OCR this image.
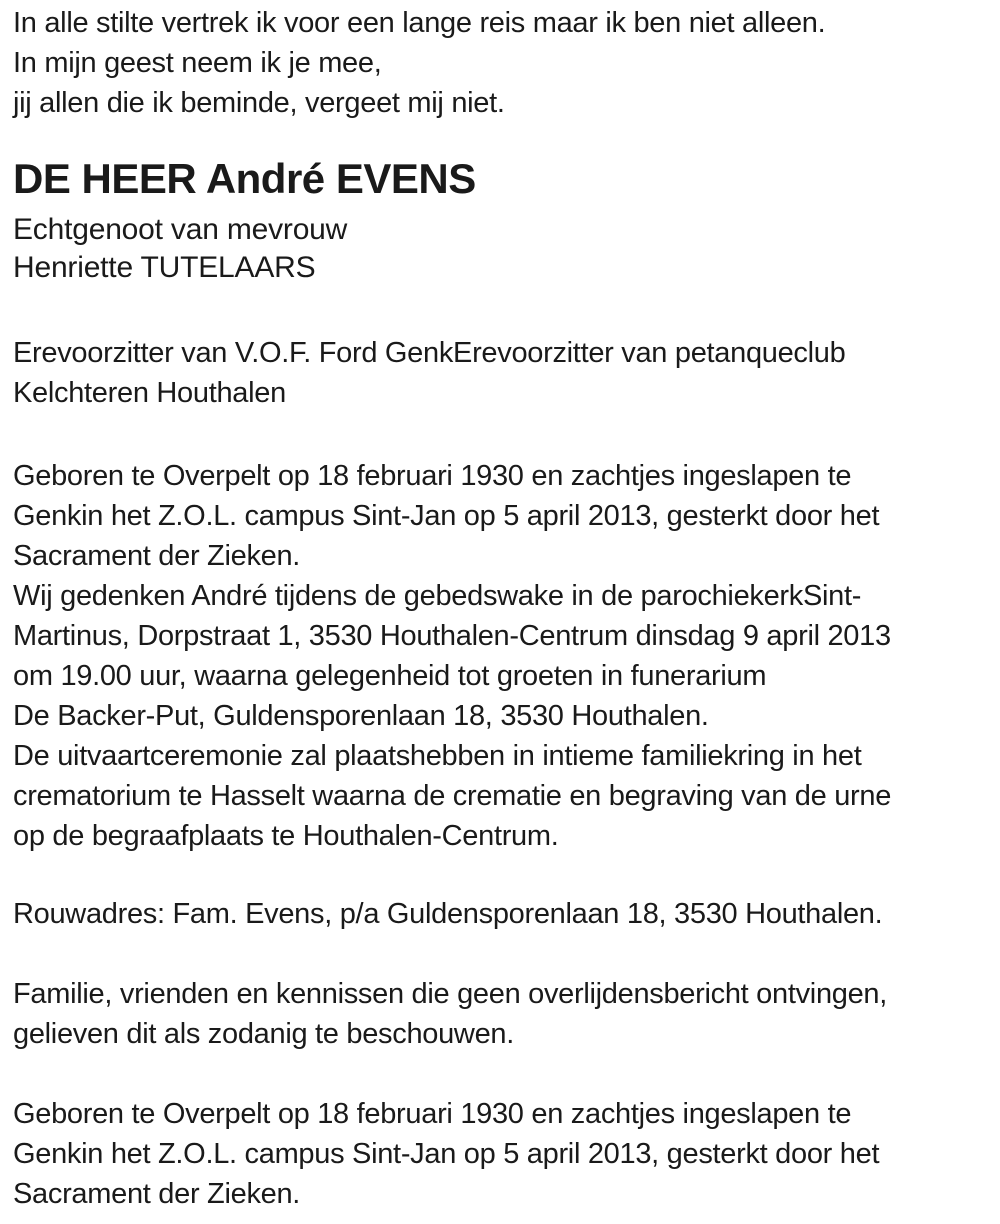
In alle stilte vertrek ik voor een lange reis maar ik ben niet alleen.
In mijn geest neem ik je mee,
jij allen die ik beminde, vergeet mij niet.
DE HEER André EVENS
Echtgenoot van mevrouw
Henriette TUTELAARS
Erevoorzitter van V.O.F. Ford GenkErevoorzitter van petanqueclub
Kelchteren Houthalen
Geboren te Overpelt op 18 februari 1930 en zachtjes ingeslapen te
Genkin het Z.O.L. campus Sint-Jan op 5 april 2013, gesterkt door het
Sacrament der Zieken.
Wij gedenken André tijdens de gebedswake in de parochiekerkSint-
Martinus, Dorpstraat 1, 3530 Houthalen-Centrum dinsdag 9 april 2013
om 19.00 uur, waarna gelegenheid tot groeten in funerarium
De Backer-Put, Guldensporenlaan 18, 3530 Houthalen.
De uitvaartceremonie zal plaatshebben in intieme familiekring in het
crematorium te Hasselt waarna de crematie en begraving van de urne
op de begraafplaats te Houthalen-Centrum.
Rouwadres: Fam. Evens, p/a Guldensporenlaan 18, 3530 Houthalen.
Familie, vrienden en kennissen die geen overlijdensbericht ontvingen,
gelieven dit als zodanig te beschouwen.
Geboren te Overpelt op 18 februari 1930 en zachtjes ingeslapen te
Genkin het Z.O.L. campus Sint-Jan op 5 april 2013, gesterkt door het
Sacrament der Zieken.
